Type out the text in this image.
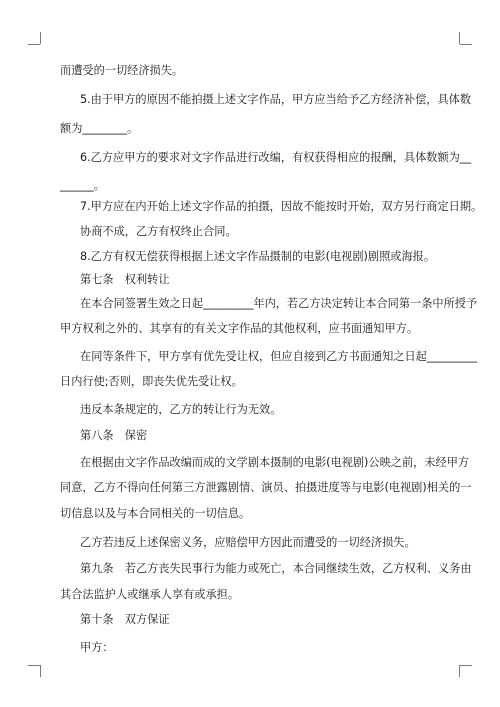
而遭受的一切经济损失。
5.由于甲方的原因不能拍摄上述文字作品，甲方应当给予乙方经济补偿，具体数
额为________。
6.乙方应甲方的要求对文字作品进行改编，有权获得相应的报酬，具体数额为__
______。
7.甲方应在内开始上述文字作品的拍摄，因故不能按时开始，双方另行商定日期。
协商不成，乙方有权终止合同。
8.乙方有权无偿获得根据上述文字作品摄制的电影(电视剧)剧照或海报。
第七条　权利转让
在本合同签署生效之日起_________年内，若乙方决定转让本合同第一条中所授予
甲方权利之外的、其享有的有关文字作品的其他权利，应书面通知甲方。
在同等条件下，甲方享有优先受让权，但应自接到乙方书面通知之日起_________
日内行使;否则，即丧失优先受让权。
违反本条规定的，乙方的转让行为无效。
第八条　保密
在根据由文字作品改编而成的文学剧本摄制的电影(电视剧)公映之前，未经甲方
同意，乙方不得向任何第三方泄露剧情、演员、拍摄进度等与电影(电视剧)相关的一
切信息以及与本合同相关的一切信息。
乙方若违反上述保密义务，应赔偿甲方因此而遭受的一切经济损失。
第九条　若乙方丧失民事行为能力或死亡，本合同继续生效，乙方权利、义务由
其合法监护人或继承人享有或承担。
第十条　双方保证
甲方：
